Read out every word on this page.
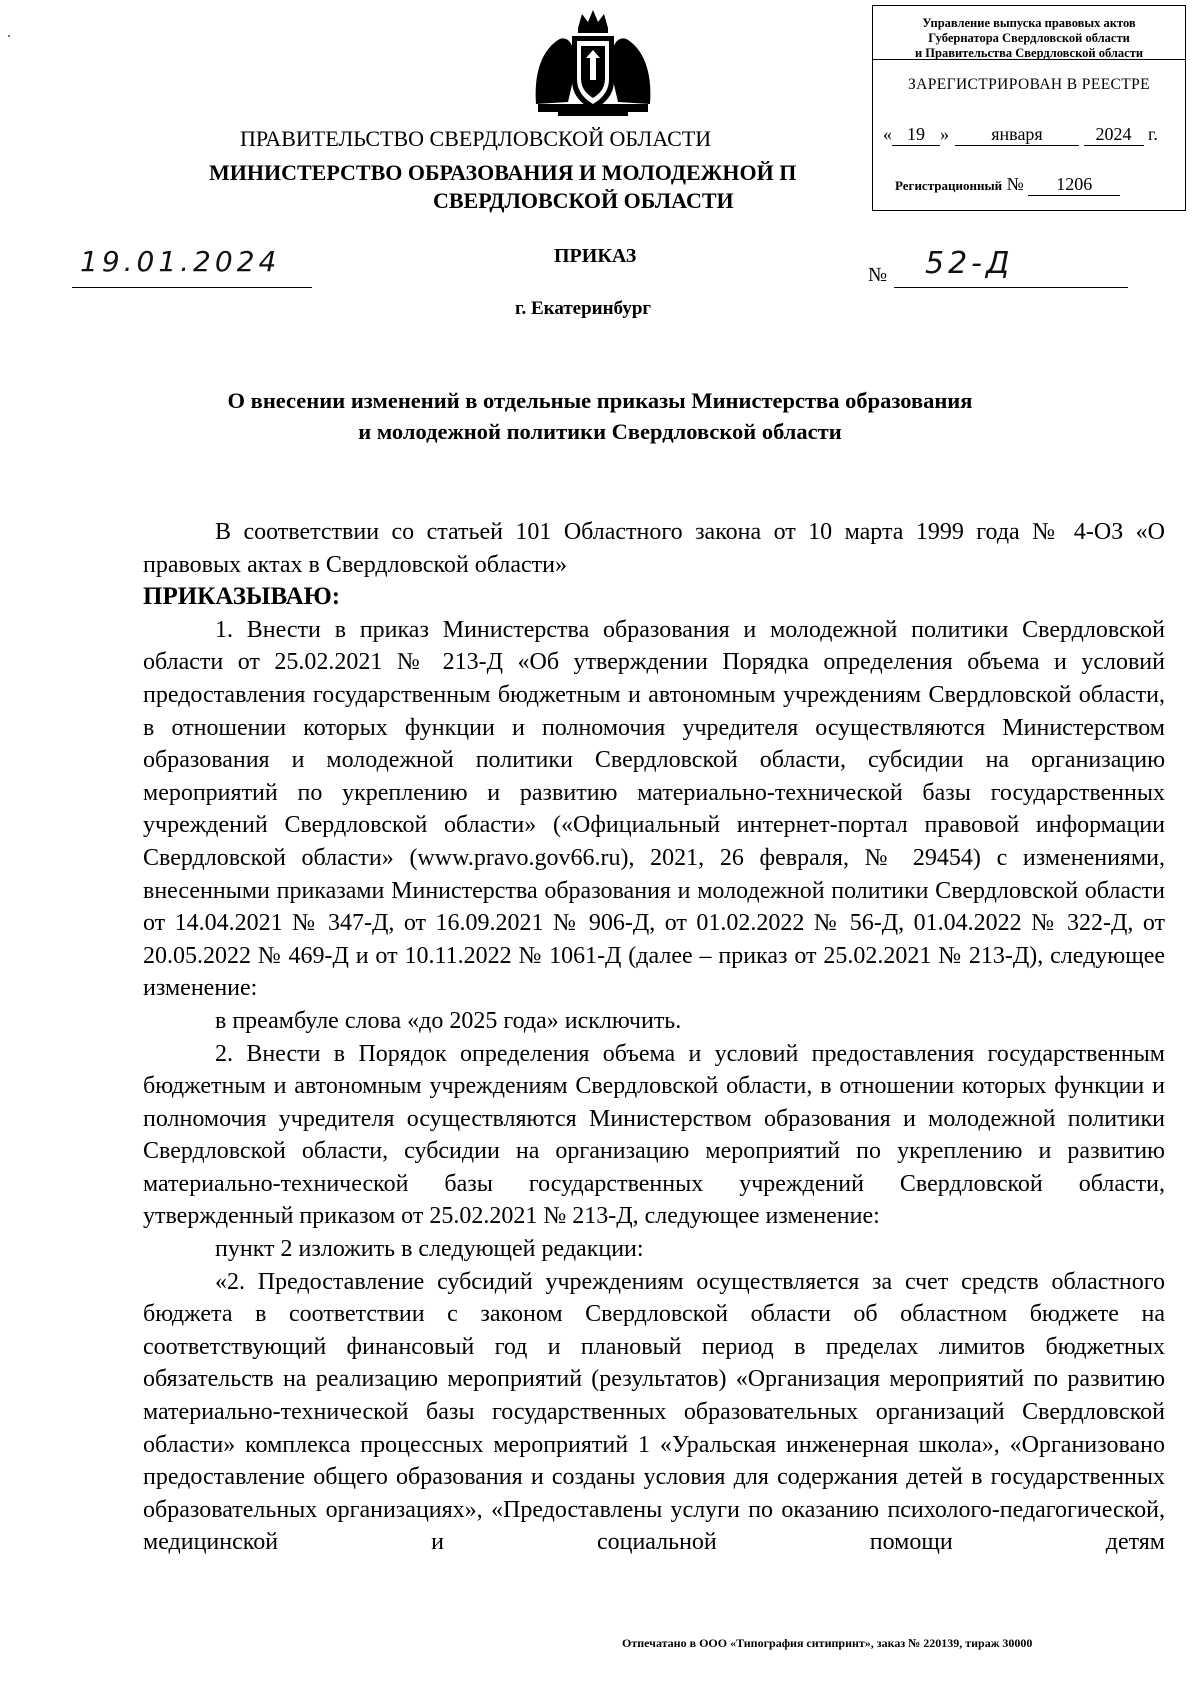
Управление выпуска правовых актов
Губернатора Свердловской области
и Правительства Свердловской области
ЗАРЕГИСТРИРОВАН В РЕЕСТРЕ
« 19 » января	2024 г.
Регистрационный № 1206
ПРАВИТЕЛЬСТВО СВЕРДЛОВСКОЙ ОБЛАСТИ
МИНИСТЕРСТВО ОБРАЗОВАНИЯ И МОЛОДЕЖНОЙ П
СВЕРДЛОВСКОЙ ОБЛАСТИ
19.01.2024	ПРИКАЗ
г. Екатеринбург
№ 52-Д
О внесении изменений в отдельные приказы Министерства образования
и молодежной политики Свердловской области

В соответствии со статьей 101 Областного закона от 10 марта 1999 года № 4-ОЗ «О правовых актах в Свердловской области»

ПРИКАЗЫВАЮ:

1. Внести в приказ Министерства образования и молодежной политики Свердловской области от 25.02.2021 № 213-Д «Об утверждении Порядка определения объема и условий предоставления государственным бюджетным и автономным учреждениям Свердловской области, в отношении которых функции и полномочия учредителя осуществляются Министерством образования и молодежной политики Свердловской области, субсидии на организацию мероприятий по укреплению и развитию материально-технической базы государственных учреждений Свердловской области» («Официальный интернет-портал правовой информации Свердловской области» (www.pravo.gov66.ru), 2021, 26 февраля, № 29454) с изменениями, внесенными приказами Министерства образования и молодежной политики Свердловской области от 14.04.2021 № 347-Д, от 16.09.2021 № 906-Д, от 01.02.2022 № 56-Д, 01.04.2022 № 322-Д, от 20.05.2022 № 469-Д и от 10.11.2022 № 1061-Д (далее – приказ от 25.02.2021 № 213-Д), следующее изменение:

в преамбуле слова «до 2025 года» исключить.

2. Внести в Порядок определения объема и условий предоставления государственным бюджетным и автономным учреждениям Свердловской области, в отношении которых функции и полномочия учредителя осуществляются Министерством образования и молодежной политики Свердловской области, субсидии на организацию мероприятий по укреплению и развитию материально-технической базы государственных учреждений Свердловской области, утвержденный приказом от 25.02.2021 № 213-Д, следующее изменение:

пункт 2 изложить в следующей редакции:

«2. Предоставление субсидий учреждениям осуществляется за счет средств областного бюджета в соответствии с законом Свердловской области об областном бюджете на соответствующий финансовый год и плановый период в пределах лимитов бюджетных обязательств на реализацию мероприятий (результатов) «Организация мероприятий по развитию материально-технической базы государственных образовательных организаций Свердловской области» комплекса процессных мероприятий 1 «Уральская инженерная школа», «Организовано предоставление общего образования и созданы условия для содержания детей в государственных образовательных организациях», «Предоставлены услуги по оказанию психолого-педагогической, медицинской и социальной помощи детям

Отпечатано в ООО «Типография ситипринт», заказ № 220139, тираж 30000
